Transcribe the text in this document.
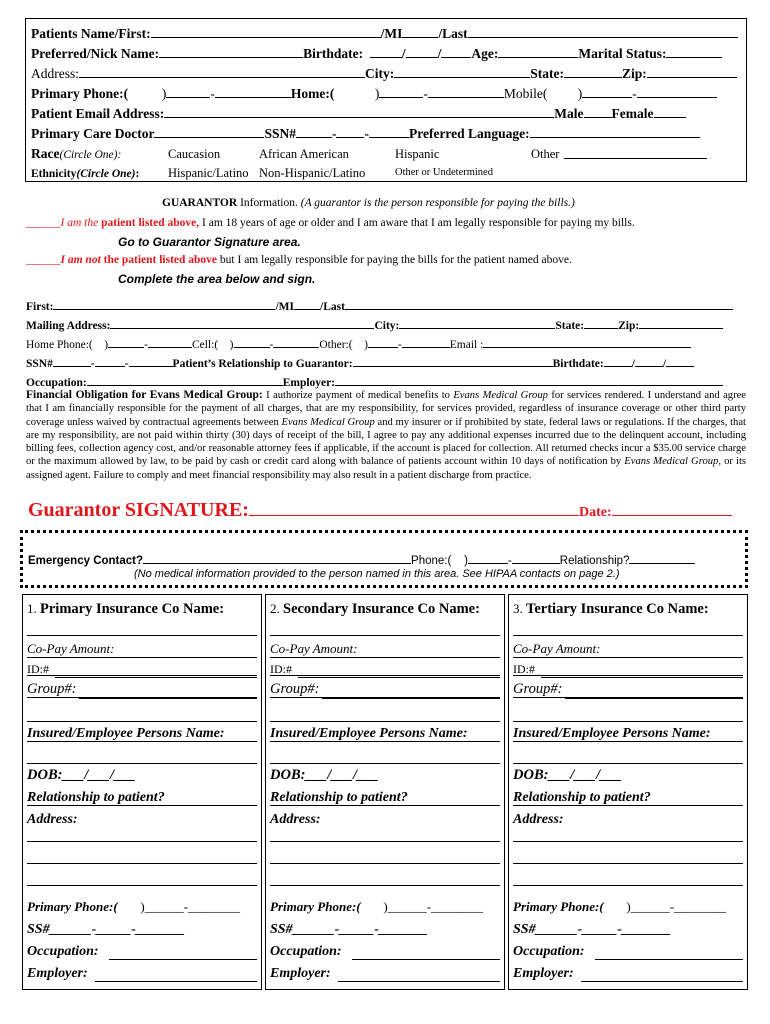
Patients Name/First:	/MI	/Last
Preferred/Nick Name:	Birthdate:	/ / Age:	Marital Status:
Address:	City:	State:	Zip:
Primary Phone:(          )	-	Home:(            )	-	Mobile(         )	-
Patient Email Address:	Male Female
Primary Care Doctor	SSN#	- -	Preferred Language:
Race(Circle One):	Caucasion	African American	Hispanic	Other
Ethnicity(Circle One): Hispanic/Latino Non-Hispanic/Latino	Other or Undetermined
GUARANTOR Information. (A guarantor is the person responsible for paying the bills.)
______I am the patient listed above, I am 18 years of age or older and I am aware that I am legally responsible for paying my bills.
Go to Guarantor Signature area.
______I am not the patient listed above but I am legally responsible for paying the bills for the patient named above.
Complete the area below and sign.
First:	/MI /Last
Mailing Address:	City:	State:	Zip:
Home Phone:(    )	-	Cell:(    )	-	Other:(    )	-	Email :
SSN#	-	-	Patient’s Relationship to Guarantor:	Birthdate: / /
Occupation:	Employer:
Financial Obligation for Evans Medical Group: I authorize payment of medical benefits to Evans Medical Group for services rendered. I understand and agree that I am financially responsible for the payment of all charges, that are my responsibility, for services provided, regardless of insurance coverage or other third party coverage unless waived by contractual agreements between Evans Medical Group and my insurer or if prohibited by state, federal laws or regulations. If the charges, that are my responsibility, are not paid within thirty (30) days of receipt of the bill, I agree to pay any additional expenses incurred due to the delinquent account, including billing fees, collection agency cost, and/or reasonable attorney fees if applicable, if the account is placed for collection. All returned checks incur a $35.00 service charge or the maximum allowed by law, to be paid by cash or credit card along with balance of patients account within 10 days of notification by Evans Medical Group, or its assigned agent. Failure to comply and meet financial responsibility may also result in a patient discharge from practice.
Guarantor SIGNATURE:	Date:
Emergency Contact?	Phone:(    )	-	Relationship?
(No medical information provided to the person named in this area. See HIPAA contacts on page 2.)
1. Primary Insurance Co Name:
Co-Pay Amount:
ID:#
Group#:
Insured/Employee Persons Name:
DOB:___/___/___
Relationship to patient?
Address:
Primary Phone:(       )______-________
SS#______-_____-_______
Occupation:
Employer:
2. Secondary Insurance Co Name:
Co-Pay Amount:
ID:#
Group#:
Insured/Employee Persons Name:
DOB:___/___/___
Relationship to patient?
Address:
Primary Phone:(       )______-________
SS#______-_____-_______
Occupation:
Employer:
3. Tertiary Insurance Co Name:
Co-Pay Amount:
ID:#
Group#:
Insured/Employee Persons Name:
DOB:___/___/___
Relationship to patient?
Address:
Primary Phone:(       )______-________
SS#______-_____-_______
Occupation:
Employer:
